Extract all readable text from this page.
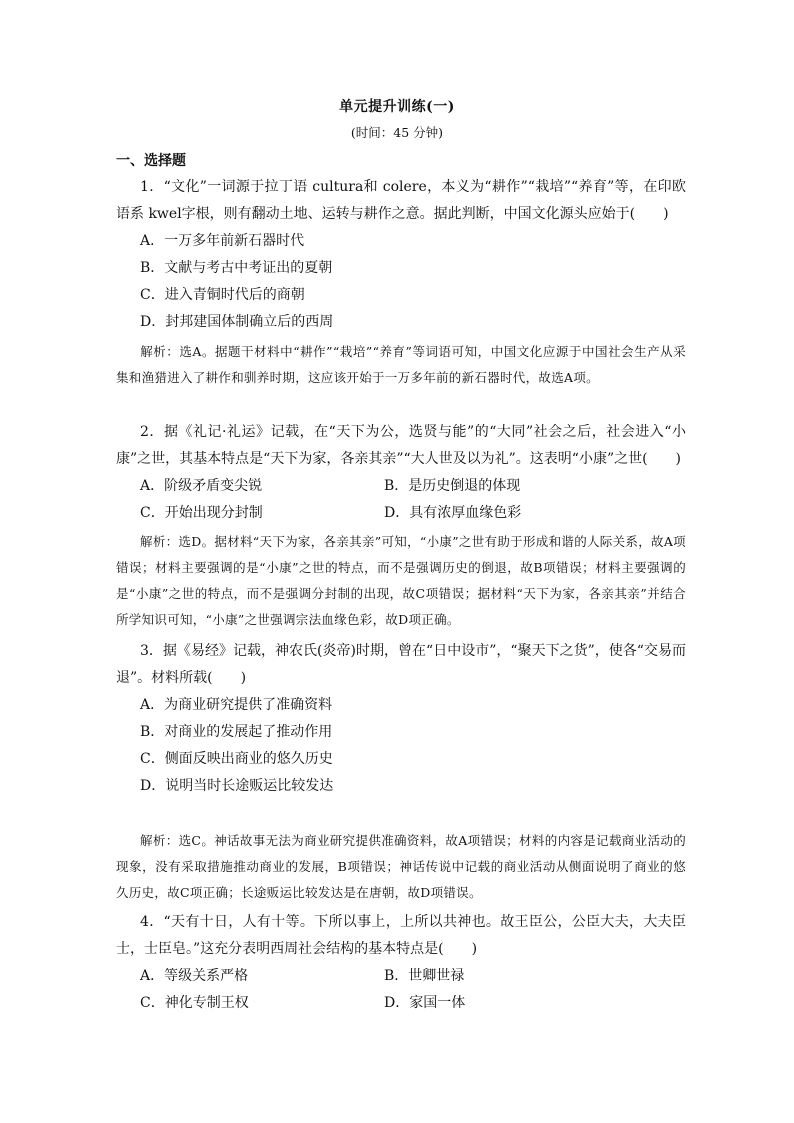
单元提升训练(一)
(时间：45 分钟)
一、选择题
1．“文化”一词源于拉丁语 cultura和 colere，本义为“耕作”“栽培”“养育”等，在印欧语系 kwel字根，则有翻动土地、运转与耕作之意。据此判断，中国文化源头应始于(　　)
A．一万多年前新石器时代
B．文献与考古中考证出的夏朝
C．进入青铜时代后的商朝
D．封邦建国体制确立后的西周
解析：选A。据题干材料中“耕作”“栽培”“养育”等词语可知，中国文化应源于中国社会生产从采集和渔猎进入了耕作和驯养时期，这应该开始于一万多年前的新石器时代，故选A项。
2．据《礼记·礼运》记载，在“天下为公，选贤与能”的“大同”社会之后，社会进入“小康”之世，其基本特点是“天下为家，各亲其亲”“大人世及以为礼”。这表明“小康”之世(　　)
A．阶级矛盾变尖锐	B．是历史倒退的体现
C．开始出现分封制	D．具有浓厚血缘色彩
解析：选D。据材料“天下为家，各亲其亲”可知，“小康”之世有助于形成和谐的人际关系，故A项错误；材料主要强调的是“小康”之世的特点，而不是强调历史的倒退，故B项错误；材料主要强调的是“小康”之世的特点，而不是强调分封制的出现，故C项错误；据材料“天下为家，各亲其亲”并结合所学知识可知，“小康”之世强调宗法血缘色彩，故D项正确。
3．据《易经》记载，神农氏(炎帝)时期，曾在“日中设市”，“聚天下之货”，使各“交易而退”。材料所载(　　)
A．为商业研究提供了准确资料
B．对商业的发展起了推动作用
C．侧面反映出商业的悠久历史
D．说明当时长途贩运比较发达
解析：选C。神话故事无法为商业研究提供准确资料，故A项错误；材料的内容是记载商业活动的现象，没有采取措施推动商业的发展，B项错误；神话传说中记载的商业活动从侧面说明了商业的悠久历史，故C项正确；长途贩运比较发达是在唐朝，故D项错误。
4．“天有十日，人有十等。下所以事上，上所以共神也。故王臣公，公臣大夫，大夫臣士，士臣皂。”这充分表明西周社会结构的基本特点是(　　)
A．等级关系严格	B．世卿世禄
C．神化专制王权	D．家国一体
